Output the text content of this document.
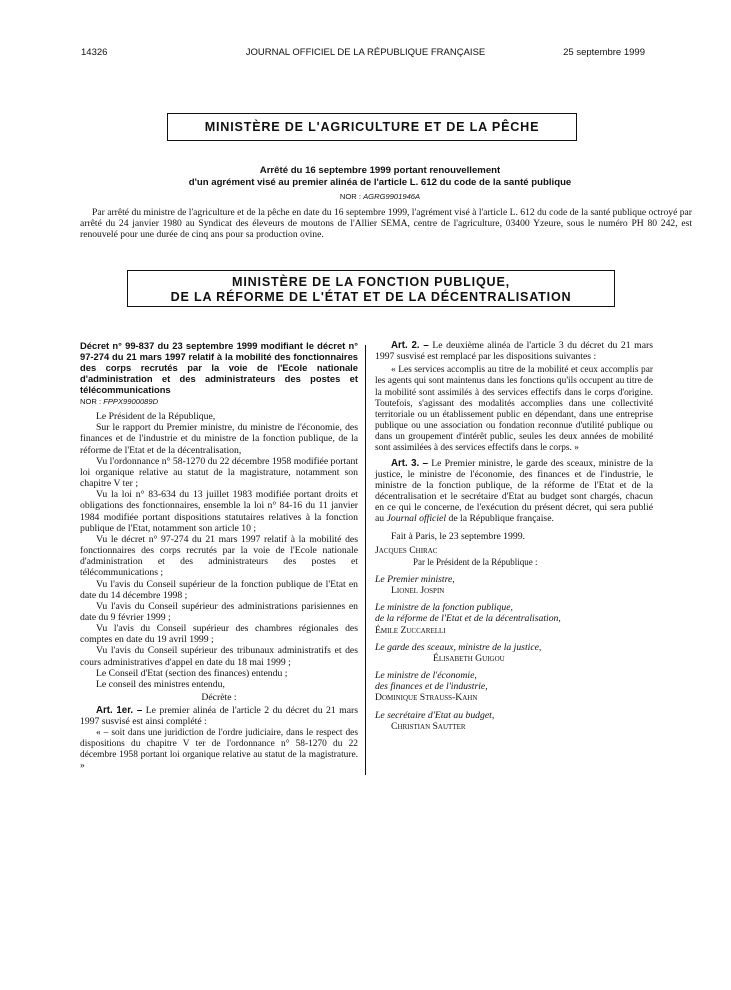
14326	JOURNAL OFFICIEL DE LA RÉPUBLIQUE FRANÇAISE	25 septembre 1999
MINISTÈRE DE L'AGRICULTURE ET DE LA PÊCHE
Arrêté du 16 septembre 1999 portant renouvellement
d'un agrément visé au premier alinéa de l'article L. 612 du code de la santé publique
NOR : AGRG9901946A
Par arrêté du ministre de l'agriculture et de la pêche en date du 16 septembre 1999, l'agrément visé à l'article L. 612 du code de la santé publique octroyé par arrêté du 24 janvier 1980 au Syndicat des éleveurs de moutons de l'Allier SEMA, centre de l'agriculture, 03400 Yzeure, sous le numéro PH 80 242, est renouvelé pour une durée de cinq ans pour sa production ovine.
MINISTÈRE DE LA FONCTION PUBLIQUE,
DE LA RÉFORME DE L'ÉTAT ET DE LA DÉCENTRALISATION

Décret n° 99-837 du 23 septembre 1999 modifiant le décret n° 97-274 du 21 mars 1997 relatif à la mobilité des fonctionnaires des corps recrutés par la voie de l'Ecole nationale d'administration et des administrateurs des postes et télécommunications

NOR : FPPX9900089D

Le Président de la République,

Sur le rapport du Premier ministre, du ministre de l'économie, des finances et de l'industrie et du ministre de la fonction publique, de la réforme de l'Etat et de la décentralisation,

Vu l'ordonnance n° 58-1270 du 22 décembre 1958 modifiée portant loi organique relative au statut de la magistrature, notamment son chapitre V ter ;

Vu la loi n° 83-634 du 13 juillet 1983 modifiée portant droits et obligations des fonctionnaires, ensemble la loi n° 84-16 du 11 janvier 1984 modifiée portant dispositions statutaires relatives à la fonction publique de l'Etat, notamment son article 10 ;

Vu le décret n° 97-274 du 21 mars 1997 relatif à la mobilité des fonctionnaires des corps recrutés par la voie de l'Ecole nationale d'administration et des administrateurs des postes et télécommunications ;

Vu l'avis du Conseil supérieur de la fonction publique de l'Etat en date du 14 décembre 1998 ;

Vu l'avis du Conseil supérieur des administrations parisiennes en date du 9 février 1999 ;

Vu l'avis du Conseil supérieur des chambres régionales des comptes en date du 19 avril 1999 ;

Vu l'avis du Conseil supérieur des tribunaux administratifs et des cours administratives d'appel en date du 18 mai 1999 ;

Le Conseil d'Etat (section des finances) entendu ;

Le conseil des ministres entendu,

Décrète :

Art. 1er. – Le premier alinéa de l'article 2 du décret du 21 mars 1997 susvisé est ainsi complété :

« – soit dans une juridiction de l'ordre judiciaire, dans le respect des dispositions du chapitre V ter de l'ordonnance n° 58-1270 du 22 décembre 1958 portant loi organique relative au statut de la magistrature. »

Art. 2. – Le deuxième alinéa de l'article 3 du décret du 21 mars 1997 susvisé est remplacé par les dispositions suivantes :

« Les services accomplis au titre de la mobilité et ceux accomplis par les agents qui sont maintenus dans les fonctions qu'ils occupent au titre de la mobilité sont assimilés à des services effectifs dans le corps d'origine. Toutefois, s'agissant des modalités accomplies dans une collectivité territoriale ou un établissement public en dépendant, dans une entreprise publique ou une association ou fondation reconnue d'utilité publique ou dans un groupement d'intérêt public, seules les deux années de mobilité sont assimilées à des services effectifs dans le corps. »

Art. 3. – Le Premier ministre, le garde des sceaux, ministre de la justice, le ministre de l'économie, des finances et de l'industrie, le ministre de la fonction publique, de la réforme de l'Etat et de la décentralisation et le secrétaire d'Etat au budget sont chargés, chacun en ce qui le concerne, de l'exécution du présent décret, qui sera publié au Journal officiel de la République française.

Fait à Paris, le 23 septembre 1999.

Jacques Chirac

Par le Président de la République :

Le Premier ministre,

Lionel Jospin

Le ministre de la fonction publique,

de la réforme de l'Etat et de la décentralisation,

Émile Zuccarelli

Le garde des sceaux, ministre de la justice,

Élisabeth Guigou

Le ministre de l'économie,

des finances et de l'industrie,

Dominique Strauss-Kahn

Le secrétaire d'Etat au budget,

Christian Sautter
